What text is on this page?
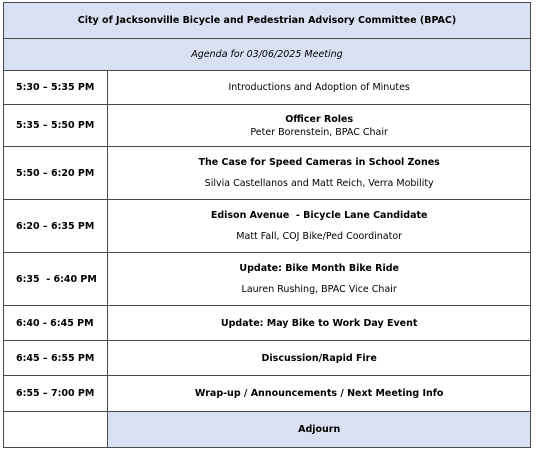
City of Jacksonville Bicycle and Pedestrian Advisory Committee (BPAC)	
Agenda for 03/06/2025 Meeting	
5:30 – 5:35 PM	Introductions and Adoption of Minutes

5:35 – 5:50 PM	Officer Roles
Peter Borenstein, BPAC Chair

5:50 – 6:20 PM	The Case for Speed Cameras in School Zones
Silvia Castellanos and Matt Reich, Verra Mobility

6:20 – 6:35 PM	Edison Avenue  - Bicycle Lane Candidate
Matt Fall, COJ Bike/Ped Coordinator

6:35  - 6:40 PM	Update: Bike Month Bike Ride
Lauren Rushing, BPAC Vice Chair

6:40 - 6:45 PM	Update: May Bike to Work Day Event

6:45 – 6:55 PM	Discussion/Rapid Fire

6:55 – 7:00 PM	Wrap-up / Announcements / Next Meeting Info

	Adjourn
